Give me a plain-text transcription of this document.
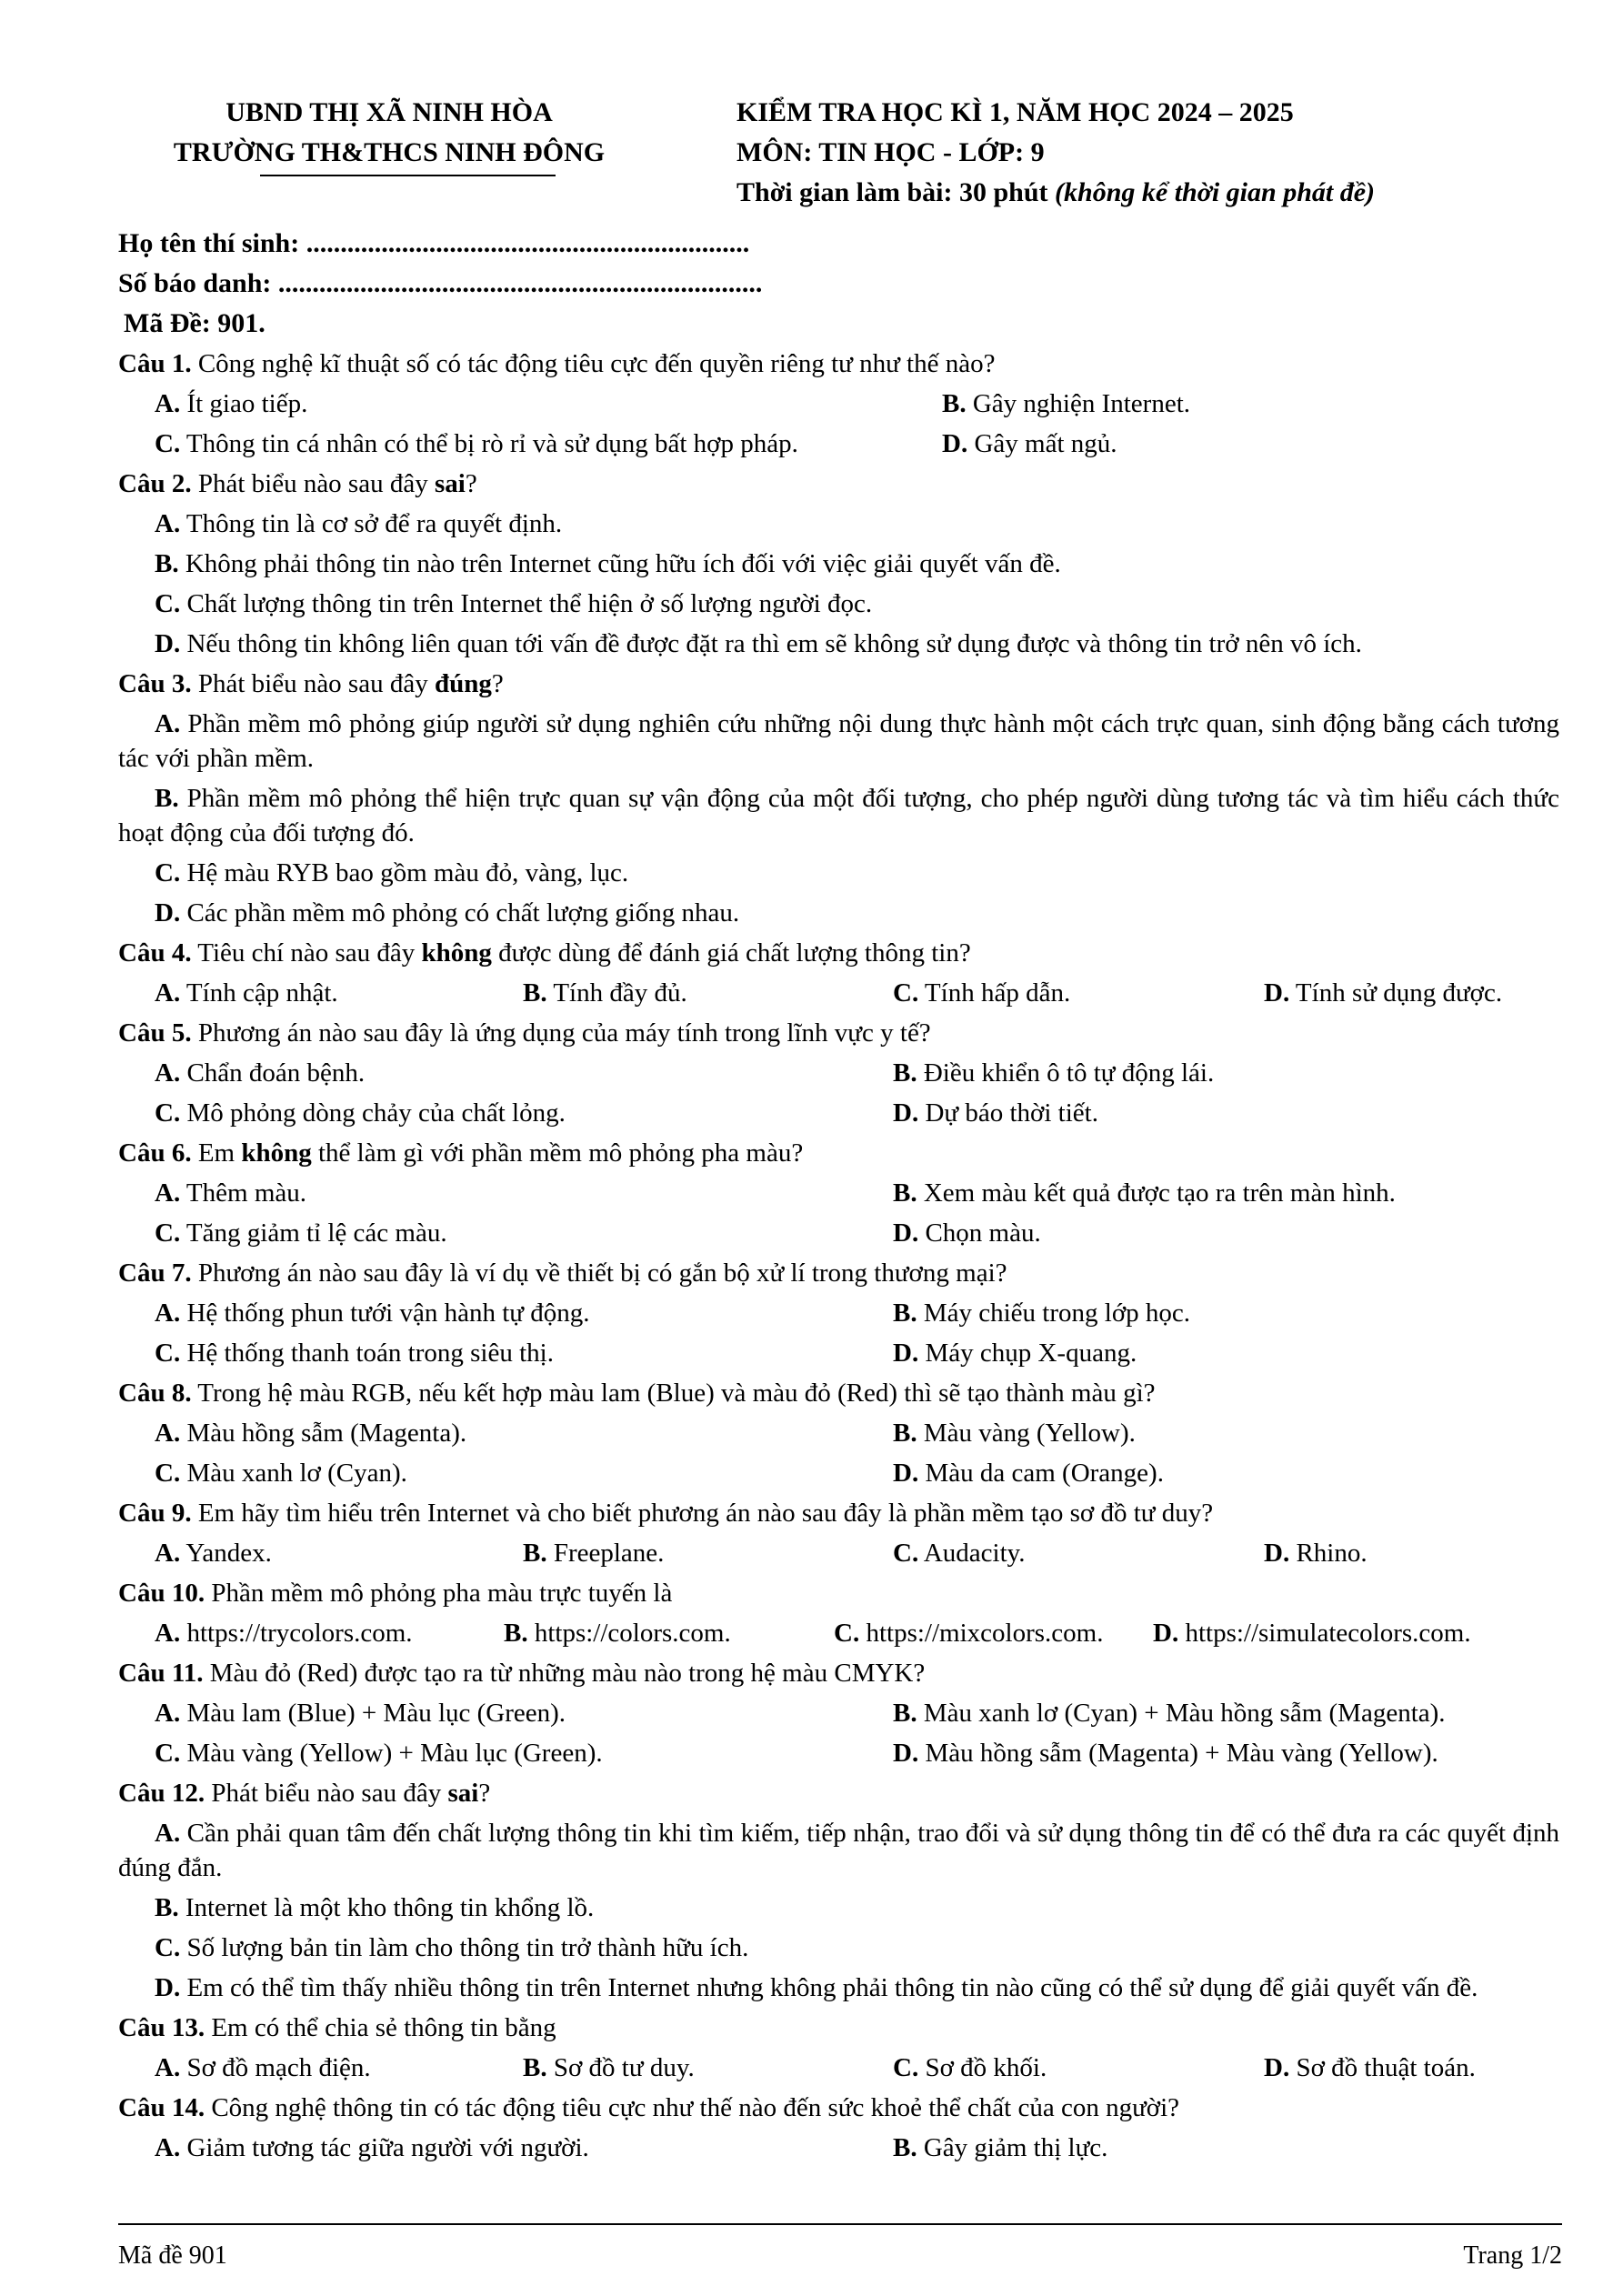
UBND THỊ XÃ NINH HÒA
TRƯỜNG TH&THCS NINH ĐÔNG
KIỂM TRA HỌC KÌ 1, NĂM HỌC 2024 – 2025
MÔN: TIN HỌC - LỚP: 9
Thời gian làm bài: 30 phút (không kể thời gian phát đề)
Họ tên thí sinh: .................................................................
Số báo danh: .......................................................................
Mã Đề: 901.
Câu 1. Công nghệ kĩ thuật số có tác động tiêu cực đến quyền riêng tư như thế nào?
A. Ít giao tiếp.	B. Gây nghiện Internet.
C. Thông tin cá nhân có thể bị rò rỉ và sử dụng bất hợp pháp.	D. Gây mất ngủ.
Câu 2. Phát biểu nào sau đây sai?
A. Thông tin là cơ sở để ra quyết định.
B. Không phải thông tin nào trên Internet cũng hữu ích đối với việc giải quyết vấn đề.
C. Chất lượng thông tin trên Internet thể hiện ở số lượng người đọc.
D. Nếu thông tin không liên quan tới vấn đề được đặt ra thì em sẽ không sử dụng được và thông tin trở nên vô ích.
Câu 3. Phát biểu nào sau đây đúng?
A. Phần mềm mô phỏng giúp người sử dụng nghiên cứu những nội dung thực hành một cách trực quan, sinh động bằng cách tương tác với phần mềm.
B. Phần mềm mô phỏng thể hiện trực quan sự vận động của một đối tượng, cho phép người dùng tương tác và tìm hiểu cách thức hoạt động của đối tượng đó.
C. Hệ màu RYB bao gồm màu đỏ, vàng, lục.
D. Các phần mềm mô phỏng có chất lượng giống nhau.
Câu 4. Tiêu chí nào sau đây không được dùng để đánh giá chất lượng thông tin?
A. Tính cập nhật.	B. Tính đầy đủ.	C. Tính hấp dẫn.	D. Tính sử dụng được.
Câu 5. Phương án nào sau đây là ứng dụng của máy tính trong lĩnh vực y tế?
A. Chẩn đoán bệnh.	B. Điều khiển ô tô tự động lái.
C. Mô phỏng dòng chảy của chất lỏng.	D. Dự báo thời tiết.
Câu 6. Em không thể làm gì với phần mềm mô phỏng pha màu?
A. Thêm màu.	B. Xem màu kết quả được tạo ra trên màn hình.
C. Tăng giảm tỉ lệ các màu.	D. Chọn màu.
Câu 7. Phương án nào sau đây là ví dụ về thiết bị có gắn bộ xử lí trong thương mại?
A. Hệ thống phun tưới vận hành tự động.	B. Máy chiếu trong lớp học.
C. Hệ thống thanh toán trong siêu thị.	D. Máy chụp X-quang.
Câu 8. Trong hệ màu RGB, nếu kết hợp màu lam (Blue) và màu đỏ (Red) thì sẽ tạo thành màu gì?
A. Màu hồng sẫm (Magenta).	B. Màu vàng (Yellow).
C. Màu xanh lơ (Cyan).	D. Màu da cam (Orange).
Câu 9. Em hãy tìm hiểu trên Internet và cho biết phương án nào sau đây là phần mềm tạo sơ đồ tư duy?
A. Yandex.	B. Freeplane.	C. Audacity.	D. Rhino.
Câu 10. Phần mềm mô phỏng pha màu trực tuyến là
A. https://trycolors.com.	B. https://colors.com.	C. https://mixcolors.com. D. https://simulatecolors.com.
Câu 11. Màu đỏ (Red) được tạo ra từ những màu nào trong hệ màu CMYK?
A. Màu lam (Blue) + Màu lục (Green).	B. Màu xanh lơ (Cyan) + Màu hồng sẫm (Magenta).
C. Màu vàng (Yellow) + Màu lục (Green).	D. Màu hồng sẫm (Magenta) + Màu vàng (Yellow).
Câu 12. Phát biểu nào sau đây sai?
A. Cần phải quan tâm đến chất lượng thông tin khi tìm kiếm, tiếp nhận, trao đổi và sử dụng thông tin để có thể đưa ra các quyết định đúng đắn.
B. Internet là một kho thông tin khổng lồ.
C. Số lượng bản tin làm cho thông tin trở thành hữu ích.
D. Em có thể tìm thấy nhiều thông tin trên Internet nhưng không phải thông tin nào cũng có thể sử dụng để giải quyết vấn đề.
Câu 13. Em có thể chia sẻ thông tin bằng
A. Sơ đồ mạch điện.	B. Sơ đồ tư duy.	C. Sơ đồ khối.	D. Sơ đồ thuật toán.
Câu 14. Công nghệ thông tin có tác động tiêu cực như thế nào đến sức khoẻ thể chất của con người?
A. Giảm tương tác giữa người với người.	B. Gây giảm thị lực.
Mã đề 901	Trang 1/2
